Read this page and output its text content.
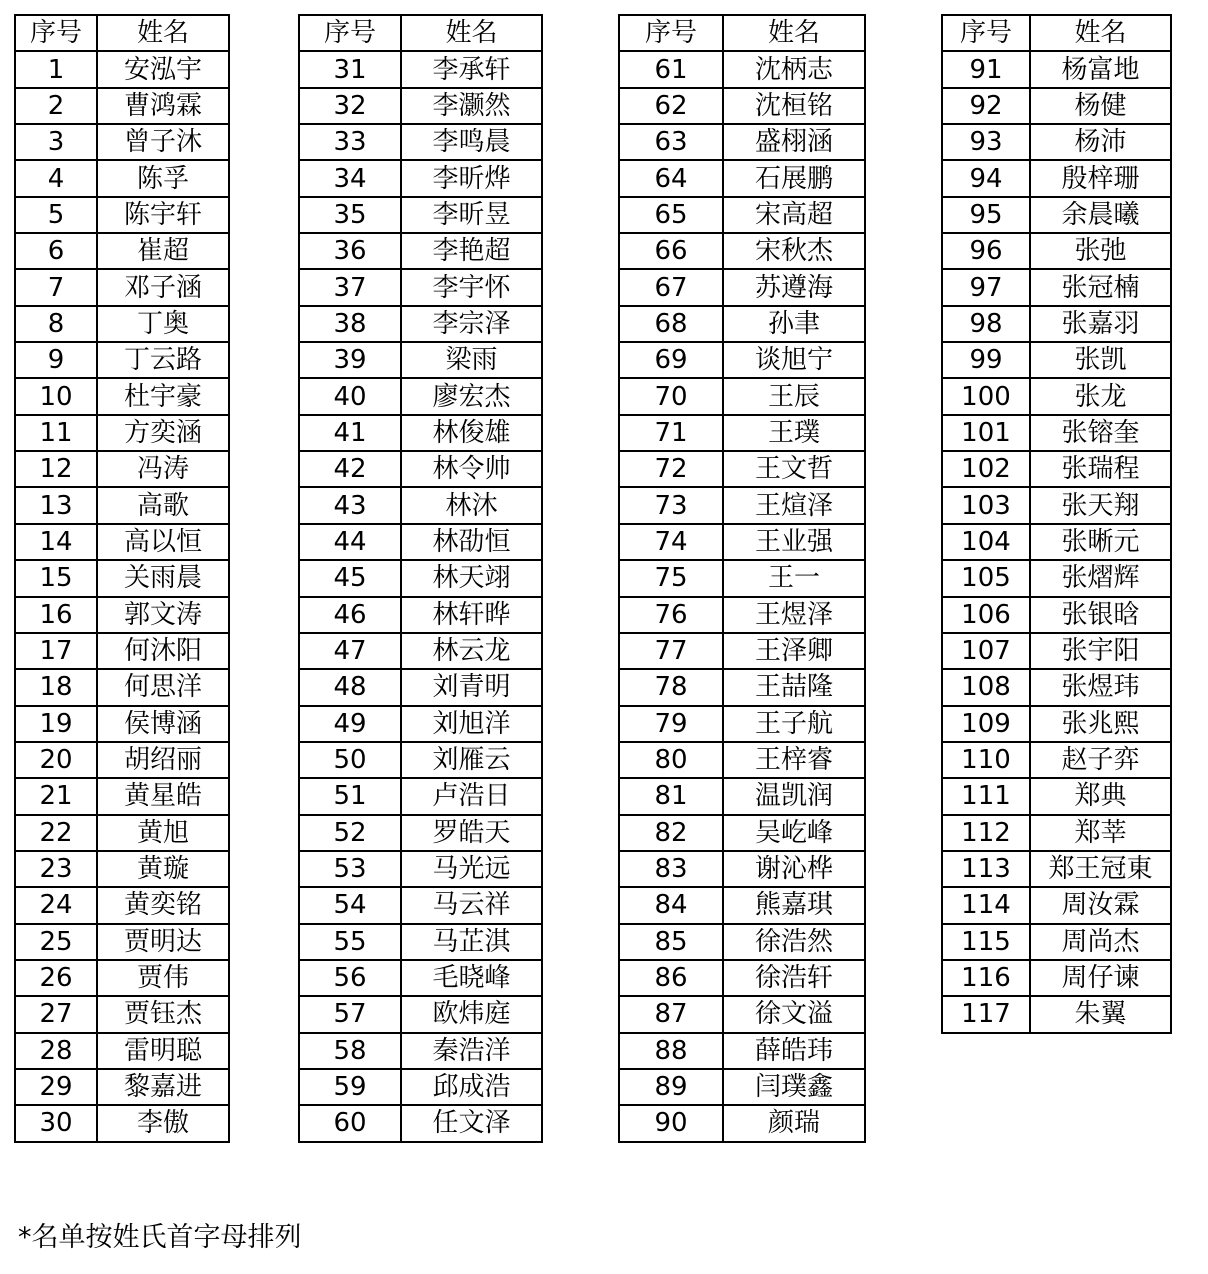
序号	姓名
1	安泓宇
2	曹鸿霖
3	曾子沐
4	陈孚
5	陈宇轩
6	崔超
7	邓子涵
8	丁奥
9	丁云路
10	杜宇豪
11	方奕涵
12	冯涛
13	高歌
14	高以恒
15	关雨晨
16	郭文涛
17	何沐阳
18	何思洋
19	侯博涵
20	胡绍丽
21	黄星皓
22	黄旭
23	黄璇
24	黄奕铭
25	贾明达
26	贾伟
27	贾钰杰
28	雷明聪
29	黎嘉进
30	李傲
序号	姓名
31	李承轩
32	李灏然
33	李鸣晨
34	李昕烨
35	李昕昱
36	李艳超
37	李宇怀
38	李宗泽
39	梁雨
40	廖宏杰
41	林俊雄
42	林令帅
43	林沐
44	林劭恒
45	林天翊
46	林轩晔
47	林云龙
48	刘青明
49	刘旭洋
50	刘雁云
51	卢浩日
52	罗皓天
53	马光远
54	马云祥
55	马芷淇
56	毛晓峰
57	欧炜庭
58	秦浩洋
59	邱成浩
60	任文泽
序号	姓名
61	沈柄志
62	沈桓铭
63	盛栩涵
64	石展鹏
65	宋高超
66	宋秋杰
67	苏遵海
68	孙聿
69	谈旭宁
70	王辰
71	王璞
72	王文哲
73	王煊泽
74	王业强
75	王一
76	王煜泽
77	王泽卿
78	王喆隆
79	王子航
80	王梓睿
81	温凯润
82	吴屹峰
83	谢沁桦
84	熊嘉琪
85	徐浩然
86	徐浩轩
87	徐文溢
88	薛皓玮
89	闫璞鑫
90	颜瑞
序号	姓名
91	杨富地
92	杨健
93	杨沛
94	殷梓珊
95	余晨曦
96	张弛
97	张冠楠
98	张嘉羽
99	张凯
100	张龙
101	张镕奎
102	张瑞程
103	张天翔
104	张晰元
105	张熠辉
106	张银晗
107	张宇阳
108	张煜玮
109	张兆熙
110	赵子弈
111	郑典
112	郑莘
113	郑王冠東
114	周汝霖
115	周尚杰
116	周仔谏
117	朱翼
*名单按姓氏首字母排列
